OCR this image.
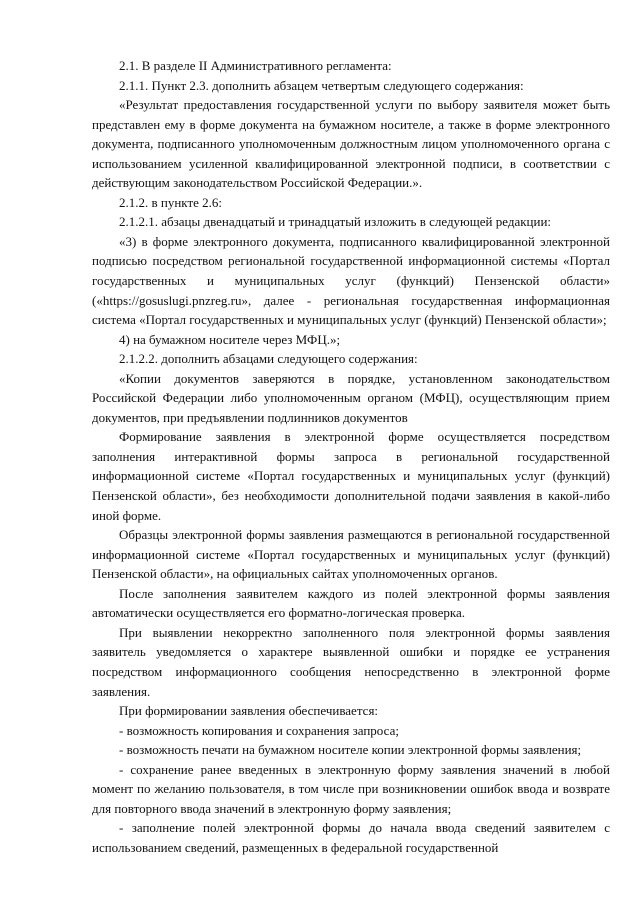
2.1. В разделе II Административного регламента:

2.1.1. Пункт 2.3. дополнить абзацем четвертым следующего содержания:

«Результат предоставления государственной услуги по выбору заявителя может быть представлен ему в форме документа на бумажном носителе, а также в форме электронного документа, подписанного уполномоченным должностным лицом уполномоченного органа с использованием усиленной квалифицированной электронной подписи, в соответствии с действующим законодательством Российской Федерации.».

2.1.2. в пункте 2.6:

2.1.2.1. абзацы двенадцатый и тринадцатый изложить в следующей редакции:

«3) в форме электронного документа, подписанного квалифицированной электронной подписью посредством региональной государственной информационной системы «Портал государственных и муниципальных услуг (функций) Пензенской области» («https://gosuslugi.pnzreg.ru», далее - региональная государственная информационная система «Портал государственных и муниципальных услуг (функций) Пензенской области»;

4) на бумажном носителе через МФЦ.»;

2.1.2.2. дополнить абзацами следующего содержания:

«Копии документов заверяются в порядке, установленном законодательством Российской Федерации либо уполномоченным органом (МФЦ), осуществляющим прием документов, при предъявлении подлинников документов

Формирование заявления в электронной форме осуществляется посредством заполнения интерактивной формы запроса в региональной государственной информационной системе «Портал государственных и муниципальных услуг (функций) Пензенской области», без необходимости дополнительной подачи заявления в какой-либо иной форме.

Образцы электронной формы заявления размещаются в региональной государственной информационной системе «Портал государственных и муниципальных услуг (функций) Пензенской области», на официальных сайтах уполномоченных органов.

После заполнения заявителем каждого из полей электронной формы заявления автоматически осуществляется его форматно-логическая проверка.

При выявлении некорректно заполненного поля электронной формы заявления заявитель уведомляется о характере выявленной ошибки и порядке ее устранения посредством информационного сообщения непосредственно в электронной форме заявления.

При формировании заявления обеспечивается:

- возможность копирования и сохранения запроса;

- возможность печати на бумажном носителе копии электронной формы заявления;

- сохранение ранее введенных в электронную форму заявления значений в любой момент по желанию пользователя, в том числе при возникновении ошибок ввода и возврате для повторного ввода значений в электронную форму заявления;

- заполнение полей электронной формы до начала ввода сведений заявителем с использованием сведений, размещенных в федеральной государственной
